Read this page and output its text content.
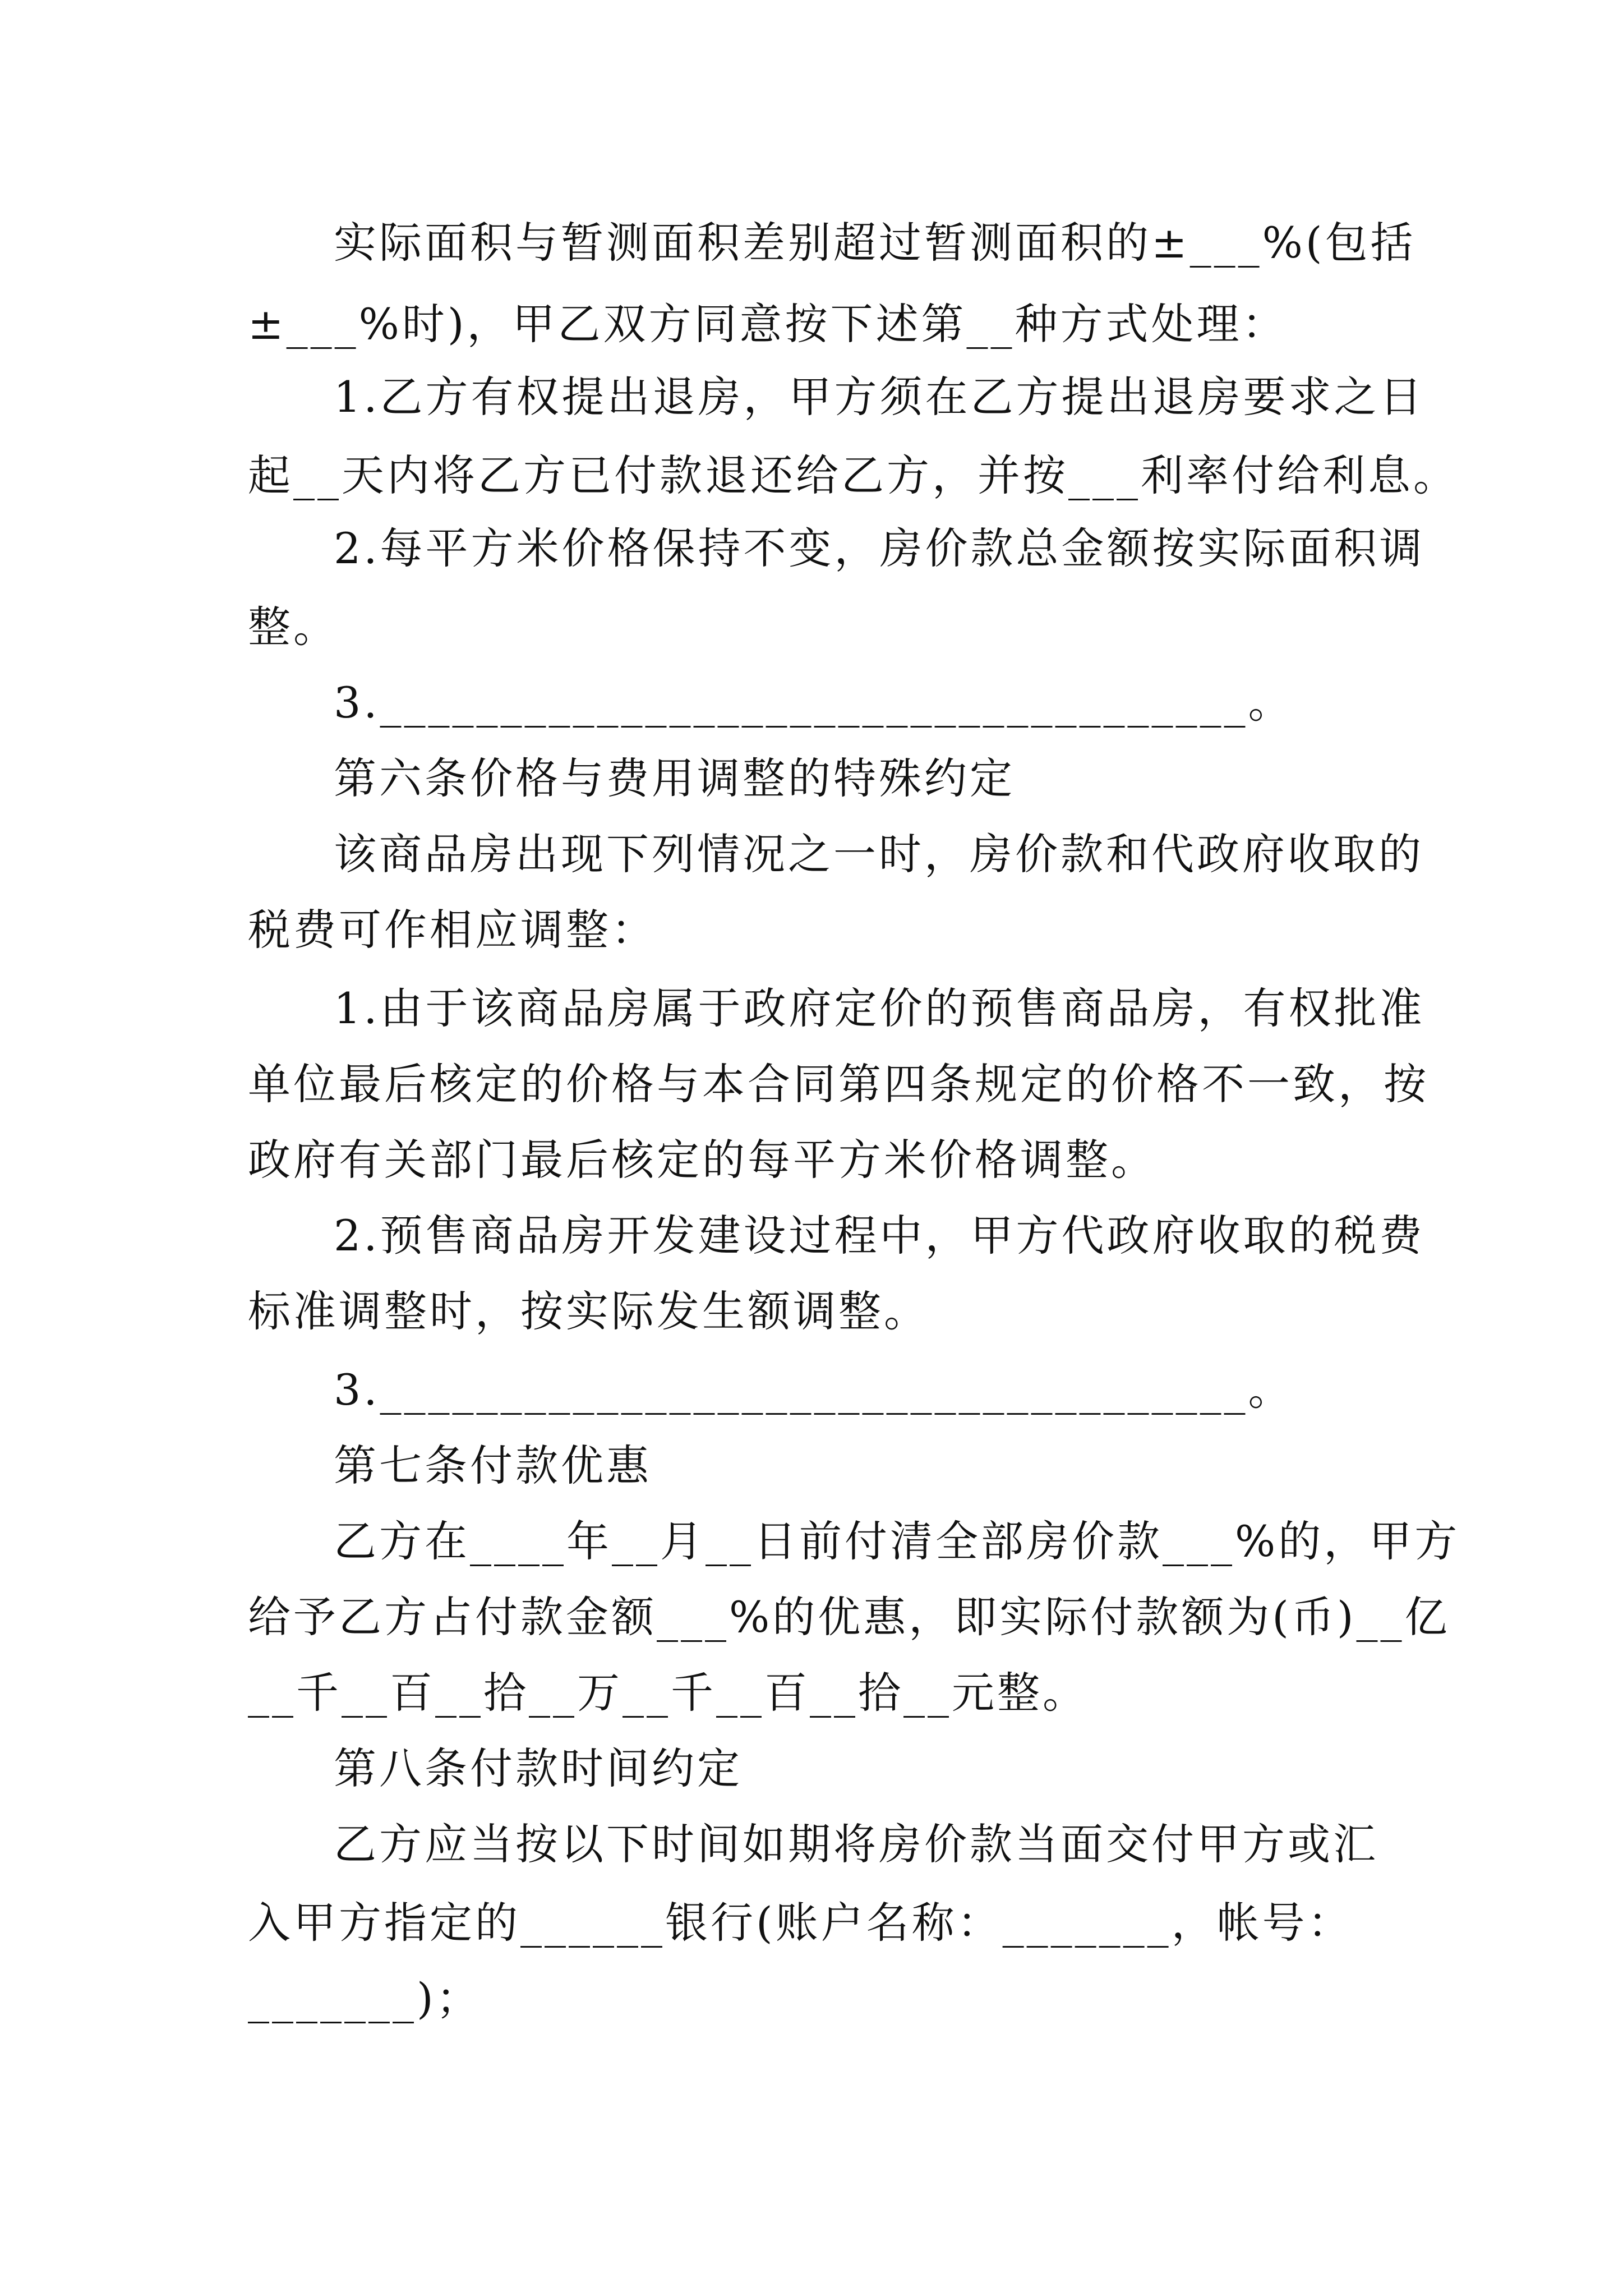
实际面积与暂测面积差别超过暂测面积的±___%(包括
±___%时)，甲乙双方同意按下述第__种方式处理：
1.乙方有权提出退房，甲方须在乙方提出退房要求之日
起__天内将乙方已付款退还给乙方，并按___利率付给利息。
2.每平方米价格保持不变，房价款总金额按实际面积调
整。
3.____________________________________。
第六条价格与费用调整的特殊约定
该商品房出现下列情况之一时，房价款和代政府收取的
税费可作相应调整：
1.由于该商品房属于政府定价的预售商品房，有权批准
单位最后核定的价格与本合同第四条规定的价格不一致，按
政府有关部门最后核定的每平方米价格调整。
2.预售商品房开发建设过程中，甲方代政府收取的税费
标准调整时，按实际发生额调整。
3.____________________________________。
第七条付款优惠
乙方在____年__月__日前付清全部房价款___%的，甲方
给予乙方占付款金额___%的优惠，即实际付款额为(币)__亿
__千__百__拾__万__千__百__拾__元整。
第八条付款时间约定
乙方应当按以下时间如期将房价款当面交付甲方或汇
入甲方指定的______银行(账户名称：_______，帐号：
_______)；
